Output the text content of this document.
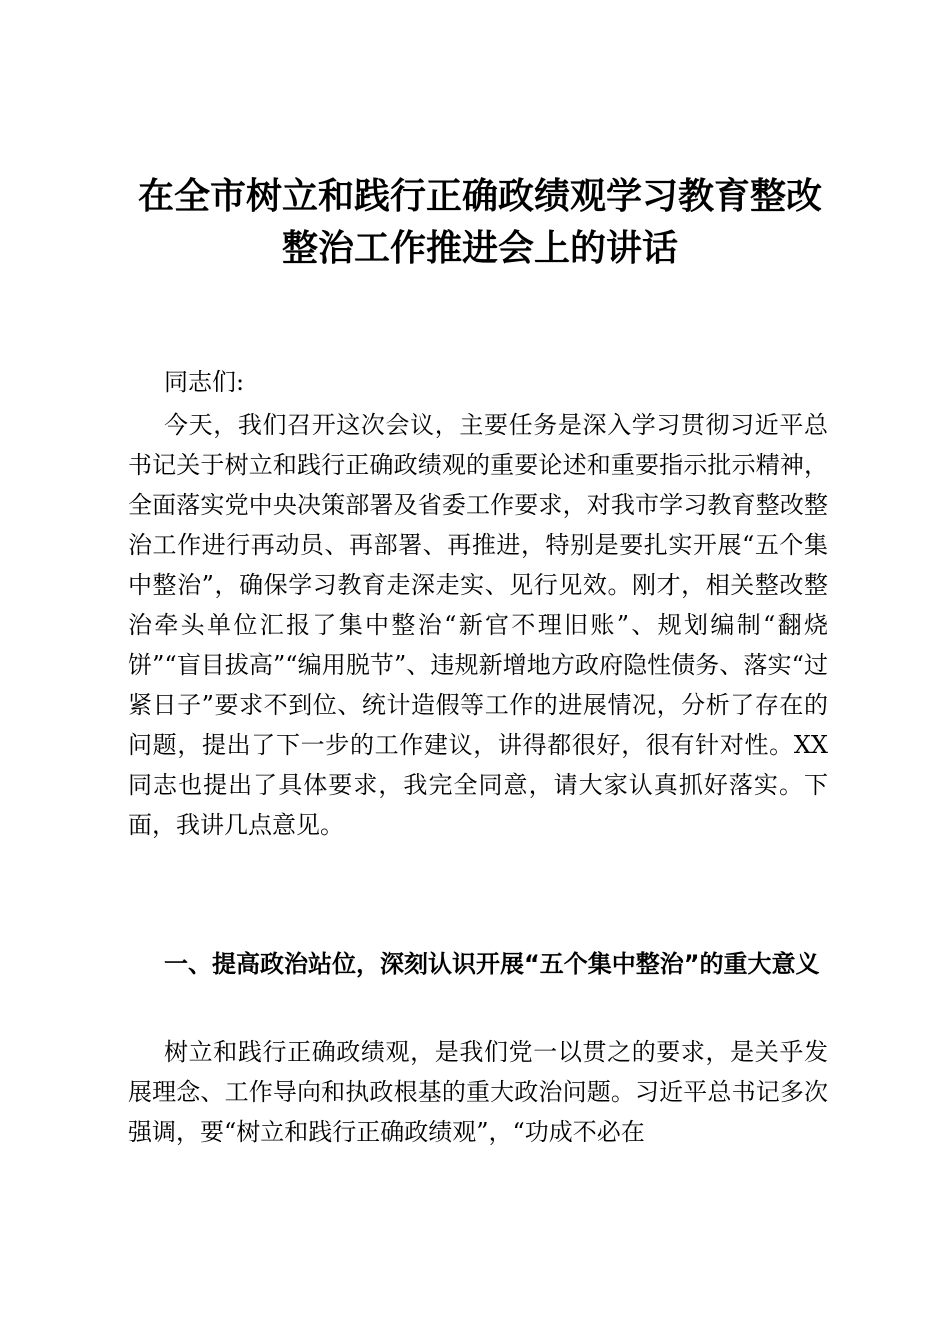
在全市树立和践行正确政绩观学习教育整改整治工作推进会上的讲话

同志们:

今天，我们召开这次会议，主要任务是深入学习贯彻习近平总书记关于树立和践行正确政绩观的重要论述和重要指示批示精神，全面落实党中央决策部署及省委工作要求，对我市学习教育整改整治工作进行再动员、再部署、再推进，特别是要扎实开展“五个集中整治”，确保学习教育走深走实、见行见效。刚才，相关整改整治牵头单位汇报了集中整治“新官不理旧账”、规划编制“翻烧饼”“盲目拔高”“编用脱节”、违规新增地方政府隐性债务、落实“过紧日子”要求不到位、统计造假等工作的进展情况，分析了存在的问题，提出了下一步的工作建议，讲得都很好，很有针对性。XX同志也提出了具体要求，我完全同意，请大家认真抓好落实。下面，我讲几点意见。

一、提高政治站位，深刻认识开展“五个集中整治”的重大意义

树立和践行正确政绩观，是我们党一以贯之的要求，是关乎发展理念、工作导向和执政根基的重大政治问题。习近平总书记多次强调，要“树立和践行正确政绩观”，“功成不必在
